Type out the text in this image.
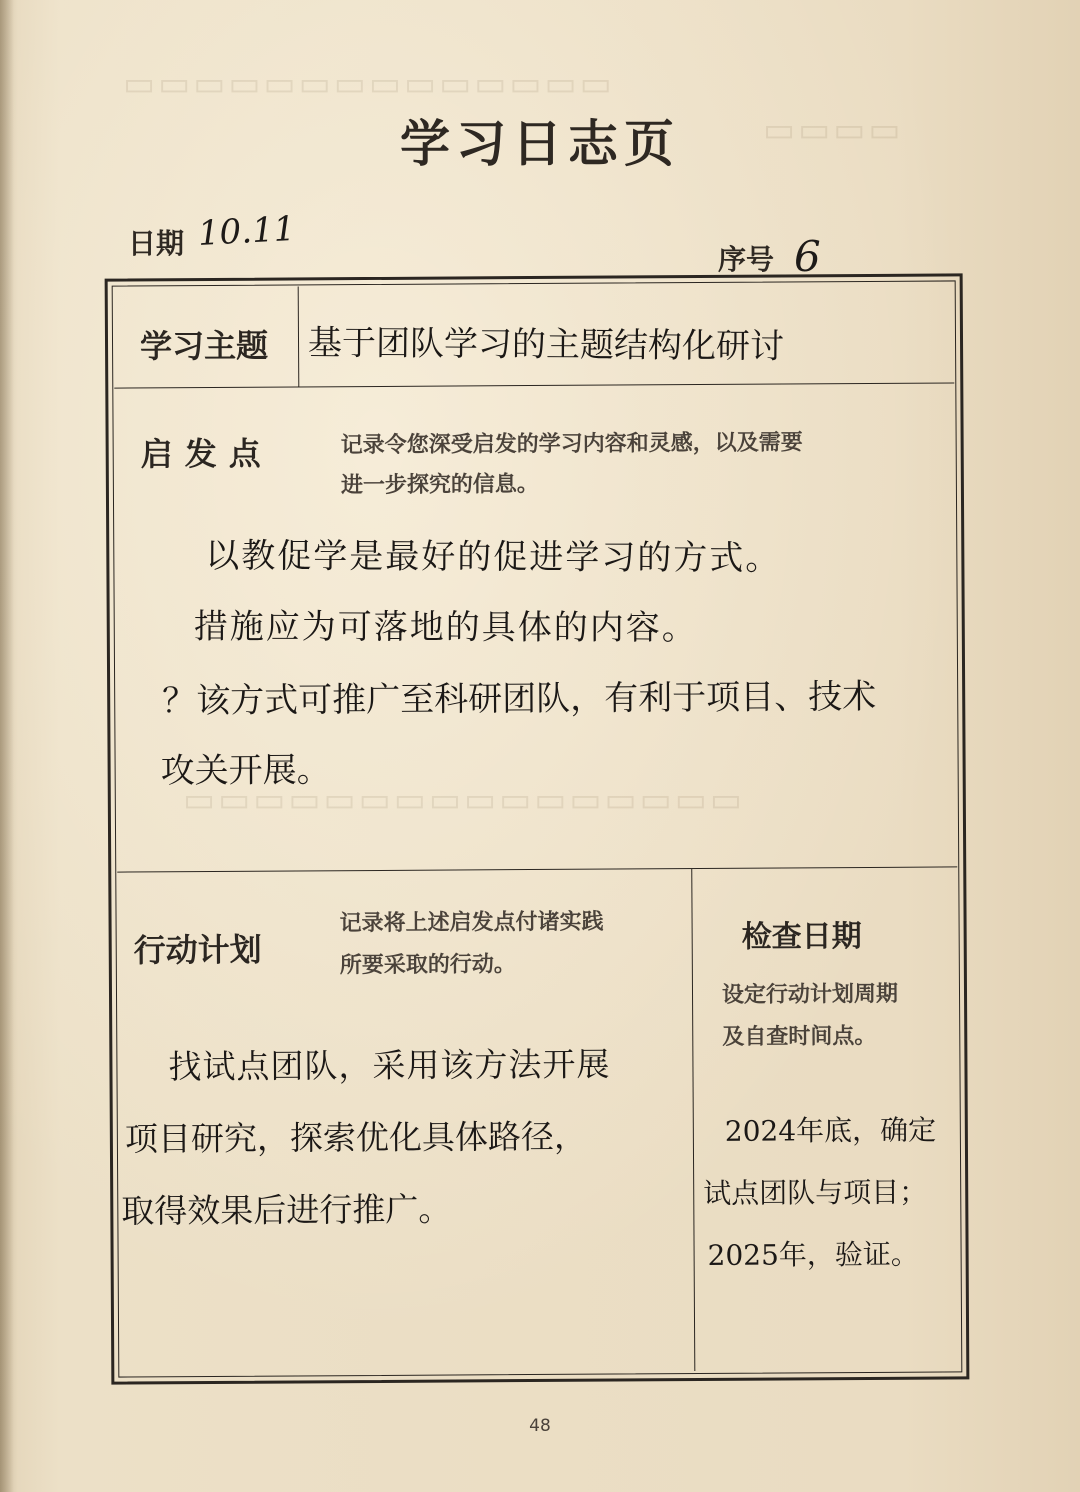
▭▭▭▭▭▭▭▭▭▭▭▭▭▭
▭▭▭▭
▭▭▭▭▭▭▭▭▭▭▭▭▭▭▭▭
学习日志页
日期 10.11
序号 6
学习主题 基于团队学习的主题结构化研讨
启发点	记录令您深受启发的学习内容和灵感，以及需要
进一步探究的信息。
以教促学是最好的促进学习的方式。
措施应为可落地的具体的内容。
？该方式可推广至科研团队，有利于项目、技术
攻关开展。
行动计划
记录将上述启发点付诸实践
所要采取的行动。
找试点团队，采用该方法开展
项目研究，探索优化具体路径，
取得效果后进行推广。
检查日期
设定行动计划周期
及自查时间点。
2024年底，确定
试点团队与项目；
2025年，验证。
48
